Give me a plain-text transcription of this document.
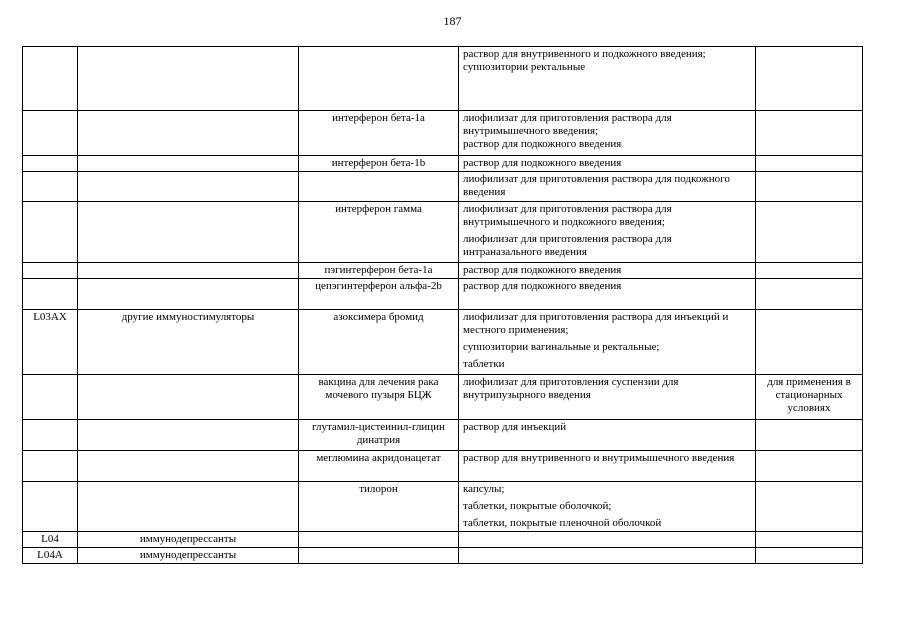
187

			раствор для внутривенного и подкожного введения;
суппозитории ректальные	

		интерферон бета-1a	лиофилизат для приготовления раствора для внутримышечного введения;
раствор для подкожного введения	

		интерферон бета-1b	раствор для подкожного введения	

			лиофилизат для приготовления раствора для подкожного введения	

		интерферон гамма	лиофилизат для приготовления раствора для внутримышечного и подкожного введения;
лиофилизат для приготовления раствора для интраназального введения	

		пэгинтерферон бета-1a	раствор для подкожного введения	

		цепэгинтерферон альфа-2b	раствор для подкожного введения	

L03AX	другие иммуностимуляторы	азоксимера бромид	лиофилизат для приготовления раствора для инъекций и местного применения;
суппозитории вагинальные и ректальные;
таблетки	

		вакцина для лечения рака мочевого пузыря БЦЖ	лиофилизат для приготовления суспензии для внутрипузырного введения	для применения в стационарных условиях
		глутамил-цистеинил-глицин динатрия	раствор для инъекций	

		меглюмина акридонацетат	раствор для внутривенного и внутримышечного введения	

		тилорон	капсулы;
таблетки, покрытые оболочкой;
таблетки, покрытые пленочной оболочкой	

L04	иммунодепрессанты			
L04A	иммунодепрессанты			
